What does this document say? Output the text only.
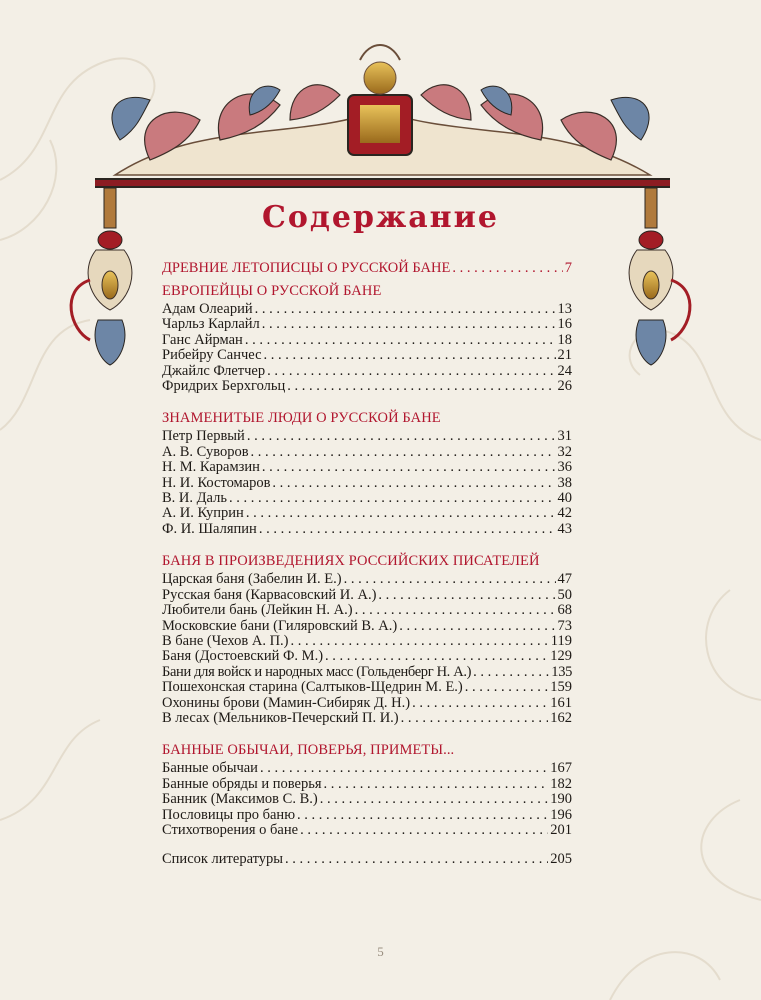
Содержание
ДРЕВНИЕ ЛЕТОПИСЦЫ О РУССКОЙ БАНЕ . . .	7
ЕВРОПЕЙЦЫ О РУССКОЙ БАНЕ
Адам Олеарий . . .	13
Чарльз Карлайл . . .	16
Ганс Айрман . . .	18
Рибейру Санчес . . .	21
Джайлс Флетчер . . .	24
Фридрих Берхгольц . . .	26
ЗНАМЕНИТЫЕ ЛЮДИ О РУССКОЙ БАНЕ
Петр Первый . . .	31
А. В. Суворов . . .	32
Н. М. Карамзин . . .	36
Н. И. Костомаров . . .	38
В. И. Даль . . .	40
А. И. Куприн . . .	42
Ф. И. Шаляпин . . .	43
БАНЯ В ПРОИЗВЕДЕНИЯХ РОССИЙСКИХ ПИСАТЕЛЕЙ
Царская баня (Забелин И. Е.) . . .	47
Русская баня (Карвасовский И. А.) . . .	50
Любители бань (Лейкин Н. А.) . . .	68
Московские бани (Гиляровский В. А.) . . .	73
В бане (Чехов А. П.) . . .	119
Баня (Достоевский Ф. М.) . . .	129
Бани для войск и народных масс (Гольденберг Н. А.) . . .	135
Пошехонская старина (Салтыков-Щедрин М. Е.) . . .	159
Охонины брови (Мамин-Сибиряк Д. Н.) . . .	161
В лесах (Мельников-Печерский П. И.) . . .	162
БАННЫЕ ОБЫЧАИ, ПОВЕРЬЯ, ПРИМЕТЫ...
Банные обычаи . . .	167
Банные обряды и поверья . . .	182
Банник (Максимов С. В.) . . .	190
Пословицы про баню . . .	196
Стихотворения о бане . . .	201
Список литературы . . .	205
5
